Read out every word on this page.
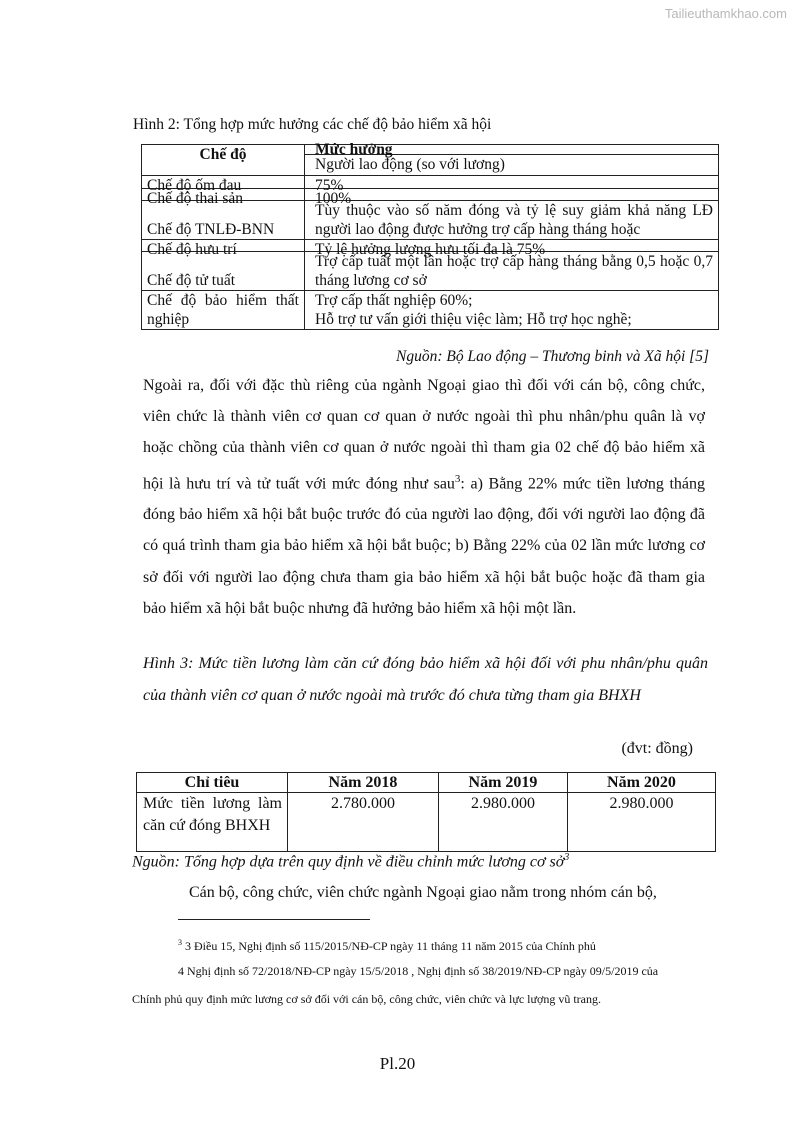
Tailieuthamkhao.com
Hình 2: Tổng hợp mức hưởng các chế độ bảo hiểm xã hội
Chế độ	Mức hưởng

	Người lao động (so với lương)

Chế độ ốm đau	75%

Chế độ thai sản	100%

Chế độ TNLĐ-BNN	Tùy thuộc vào số năm đóng và tỷ lệ suy giảm khả năng LĐ người lao động được hưởng trợ cấp hàng tháng hoặc

Chế độ hưu trí	Tỷ lệ hưởng lương hưu tối đa là 75%

Chế độ tử tuất	Trợ cấp tuất một lần hoặc trợ cấp hàng tháng bằng 0,5 hoặc 0,7 tháng lương cơ sở
Chế độ bảo hiểm thất nghiệp	Trợ cấp thất nghiệp 60%;
Hỗ trợ tư vấn giới thiệu việc làm; Hỗ trợ học nghề;
Nguồn: Bộ Lao động – Thương binh và Xã hội [5]
Ngoài ra, đối với đặc thù riêng của ngành Ngoại giao thì đối với cán bộ, công chức, viên chức là thành viên cơ quan cơ quan ở nước ngoài thì phu nhân/phu quân là vợ hoặc chồng của thành viên cơ quan ở nước ngoài thì tham gia 02 chế độ bảo hiểm xã hội là hưu trí và tử tuất với mức đóng như sau$^3$: a) Bằng 22% mức tiền lương tháng đóng bảo hiểm xã hội bắt buộc trước đó của người lao động, đối với người lao động đã có quá trình tham gia bảo hiểm xã hội bắt buộc; b) Bằng 22% của 02 lần mức lương cơ sở đối với người lao động chưa tham gia bảo hiểm xã hội bắt buộc hoặc đã tham gia bảo hiểm xã hội bắt buộc nhưng đã hưởng bảo hiểm xã hội một lần.
Hình 3: Mức tiền lương làm căn cứ đóng bảo hiểm xã hội đối với phu nhân/phu quân của thành viên cơ quan ở nước ngoài mà trước đó chưa từng tham gia BHXH
(đvt: đồng)
Chỉ tiêu	Năm 2018	Năm 2019	Năm 2020
Mức tiền lương làm căn cứ đóng BHXH	2.780.000	2.980.000	2.980.000
Nguồn: Tổng hợp dựa trên quy định về điều chỉnh mức lương cơ sở$^3$
Cán bộ, công chức, viên chức ngành Ngoại giao nằm trong nhóm cán bộ,
$^3$ 3 Điều 15, Nghị định số 115/2015/NĐ-CP ngày 11 tháng 11 năm 2015 của Chính phủ
4 Nghị định số 72/2018/NĐ-CP ngày 15/5/2018 , Nghị định số 38/2019/NĐ-CP ngày 09/5/2019 của
Chính phủ quy định mức lương cơ sở đối với cán bộ, công chức, viên chức và lực lượng vũ trang.
Pl.20
